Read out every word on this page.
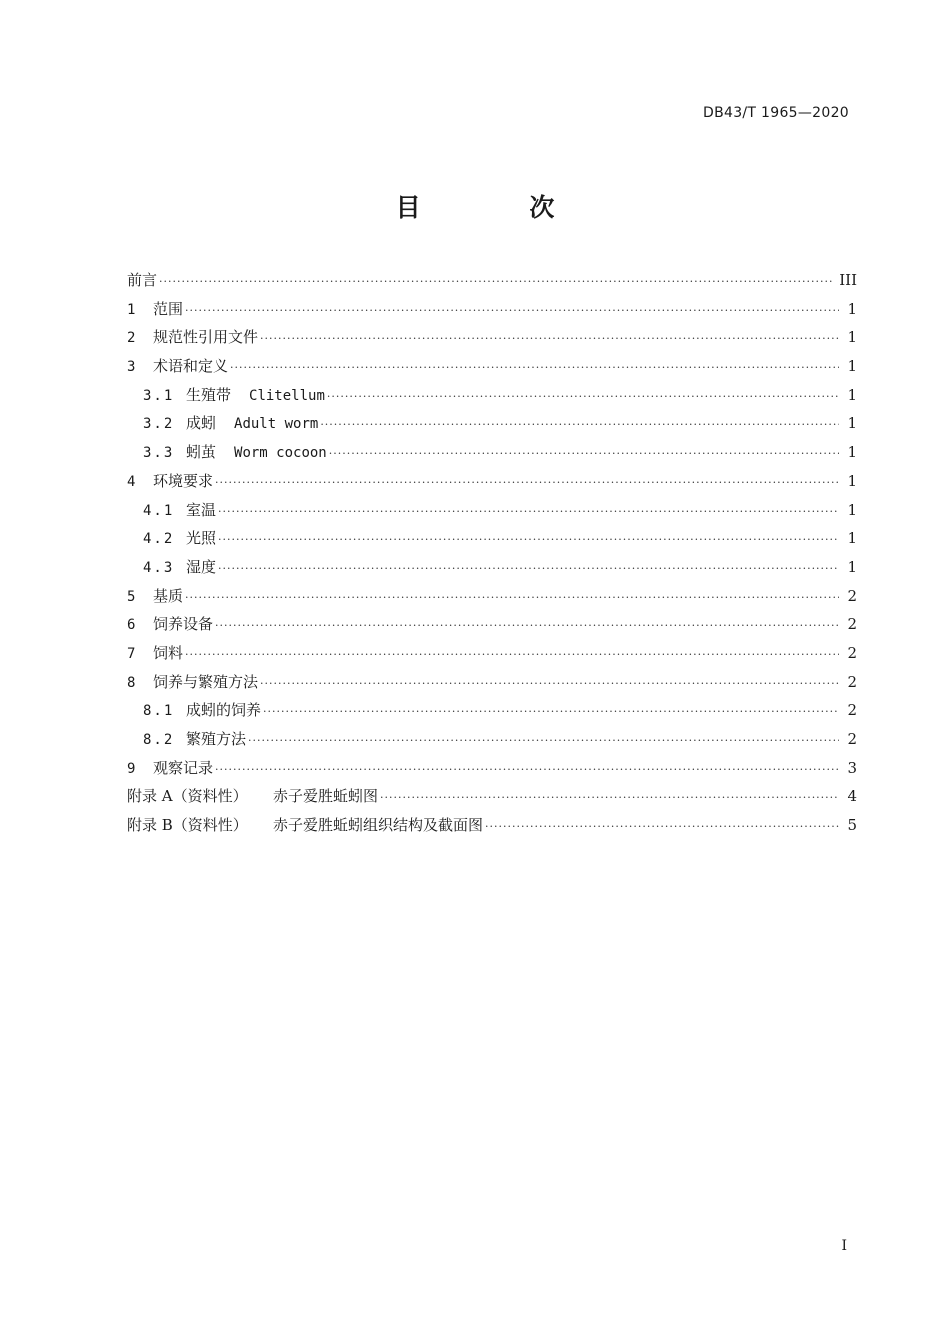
DB43/T 1965—2020
目 次
前言 ·····	III
1	范围 ·····	1
2	规范性引用文件 ·····	1
3	术语和定义 ·····	1
3.1 生殖带 Clitellum ·····	1
3.2 成蚓 Adult worm ·····	1
3.3 蚓茧 Worm cocoon ·····	1
4	环境要求 ·····	1
4.1 室温 ·····	1
4.2 光照 ·····	1
4.3 湿度 ·····	1
5	基质 ·····	2
6	饲养设备 ·····	2
7	饲料 ·····	2
8	饲养与繁殖方法 ·····	2
8.1 成蚓的饲养 ·····	2
8.2 繁殖方法 ·····	2
9	观察记录 ·····	3
附录 A（资料性）	赤子爱胜蚯蚓图 ·····	4
附录 B（资料性）	赤子爱胜蚯蚓组织结构及截面图 ·····	5
I
